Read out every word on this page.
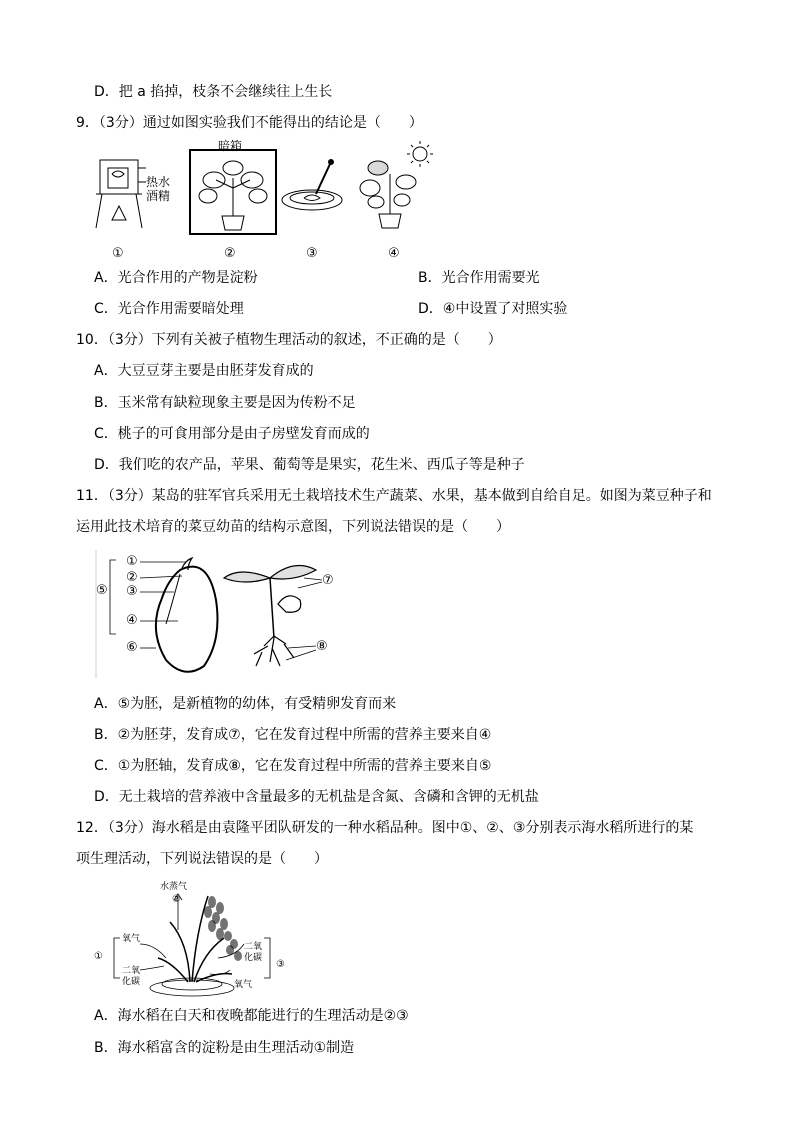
D．把 a 掐掉，枝条不会继续往上生长
9．（3分）通过如图实验我们不能得出的结论是（　　）
暗箱
热水
酒精
①	②	③	④
A．光合作用的产物是淀粉	B．光合作用需要光
C．光合作用需要暗处理	D．④中设置了对照实验
10．（3分）下列有关被子植物生理活动的叙述，不正确的是（　　）
A．大豆豆芽主要是由胚芽发育成的
B．玉米常有缺粒现象主要是因为传粉不足
C．桃子的可食用部分是由子房壁发育而成的
D．我们吃的农产品，苹果、葡萄等是果实，花生米、西瓜子等是种子
11．（3分）某岛的驻军官兵采用无土栽培技术生产蔬菜、水果，基本做到自给自足。如图为菜豆种子和
运用此技术培育的菜豆幼苗的结构示意图，下列说法错误的是（　　）
①
②
③
④
⑤
⑥
⑦
⑧
A．⑤为胚，是新植物的幼体，有受精卵发育而来
B．②为胚芽，发育成⑦，它在发育过程中所需的营养主要来自④
C．①为胚轴，发育成⑧，它在发育过程中所需的营养主要来自⑤
D．无土栽培的营养液中含量最多的无机盐是含氮、含磷和含钾的无机盐
12．（3分）海水稻是由袁隆平团队研发的一种水稻品种。图中①、②、③分别表示海水稻所进行的某
项生理活动，下列说法错误的是（　　）
水蒸气
②
氧气
①
二氧
化碳
二氧
化碳
③
氧气
A．海水稻在白天和夜晚都能进行的生理活动是②③
B．海水稻富含的淀粉是由生理活动①制造
